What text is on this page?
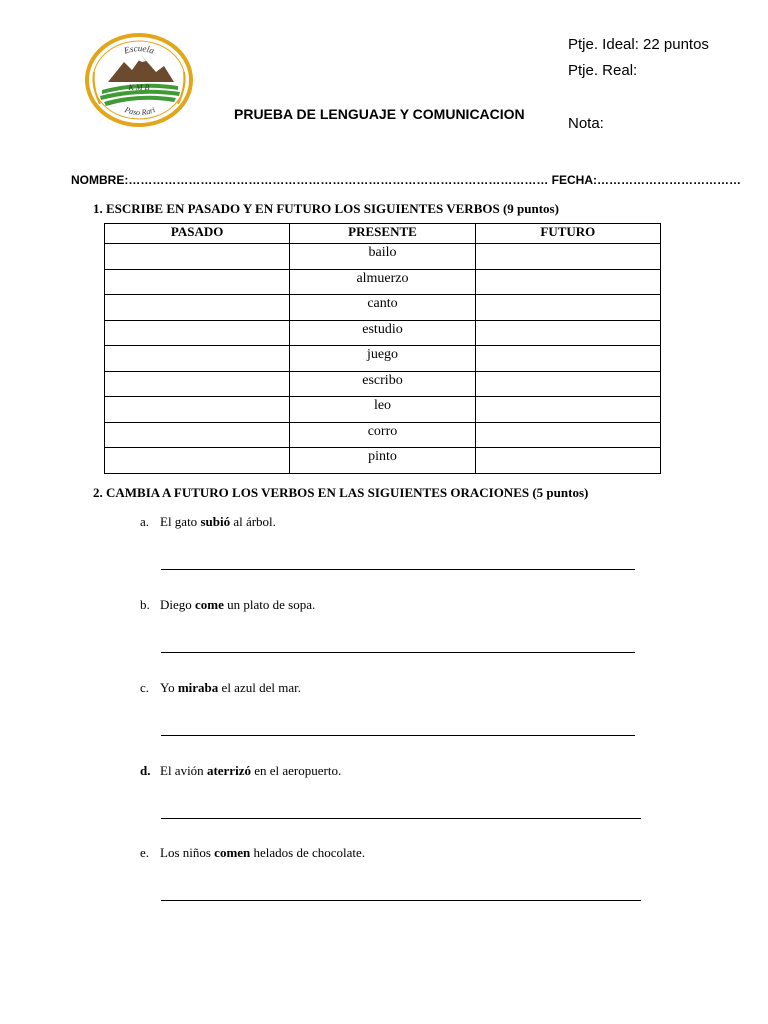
Escuela
K M B
Paso Rari
Ptje. Ideal: 22 puntos
Ptje. Real:
Nota:
PRUEBA DE LENGUAJE Y COMUNICACION
NOMBRE:…………………………………………………………………………………………… FECHA:………………………………
1. ESCRIBE EN PASADO Y EN FUTURO LOS SIGUIENTES VERBOS (9 puntos)
PASADO	PRESENTE	FUTURO
	bailo	
	almuerzo	
	canto	
	estudio	
	juego	
	escribo	
	leo	
	corro	
	pinto	
2. CAMBIA A FUTURO LOS VERBOS EN LAS SIGUIENTES ORACIONES (5 puntos)
a. El gato subió al árbol.
b. Diego come un plato de sopa.
c. Yo miraba el azul del mar.
d. El avión aterrizó en el aeropuerto.
e. Los niños comen helados de chocolate.
